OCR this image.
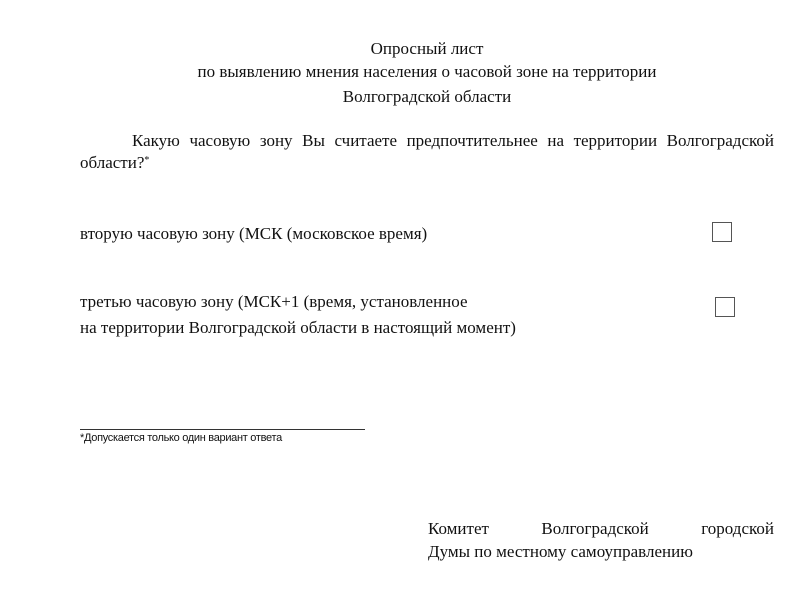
Опросный лист
по выявлению мнения населения о часовой зоне на территории
Волгоградской области
Какую часовую зону Вы считаете предпочтительнее на территории Волгоградской области?*
вторую часовую зону (МСК (московское время)
третью часовую зону (МСК+1 (время, установленное
на территории Волгоградской области в настоящий момент)
*Допускается только один вариант ответа
Комитет Волгоградской городской
Думы по местному самоуправлению
